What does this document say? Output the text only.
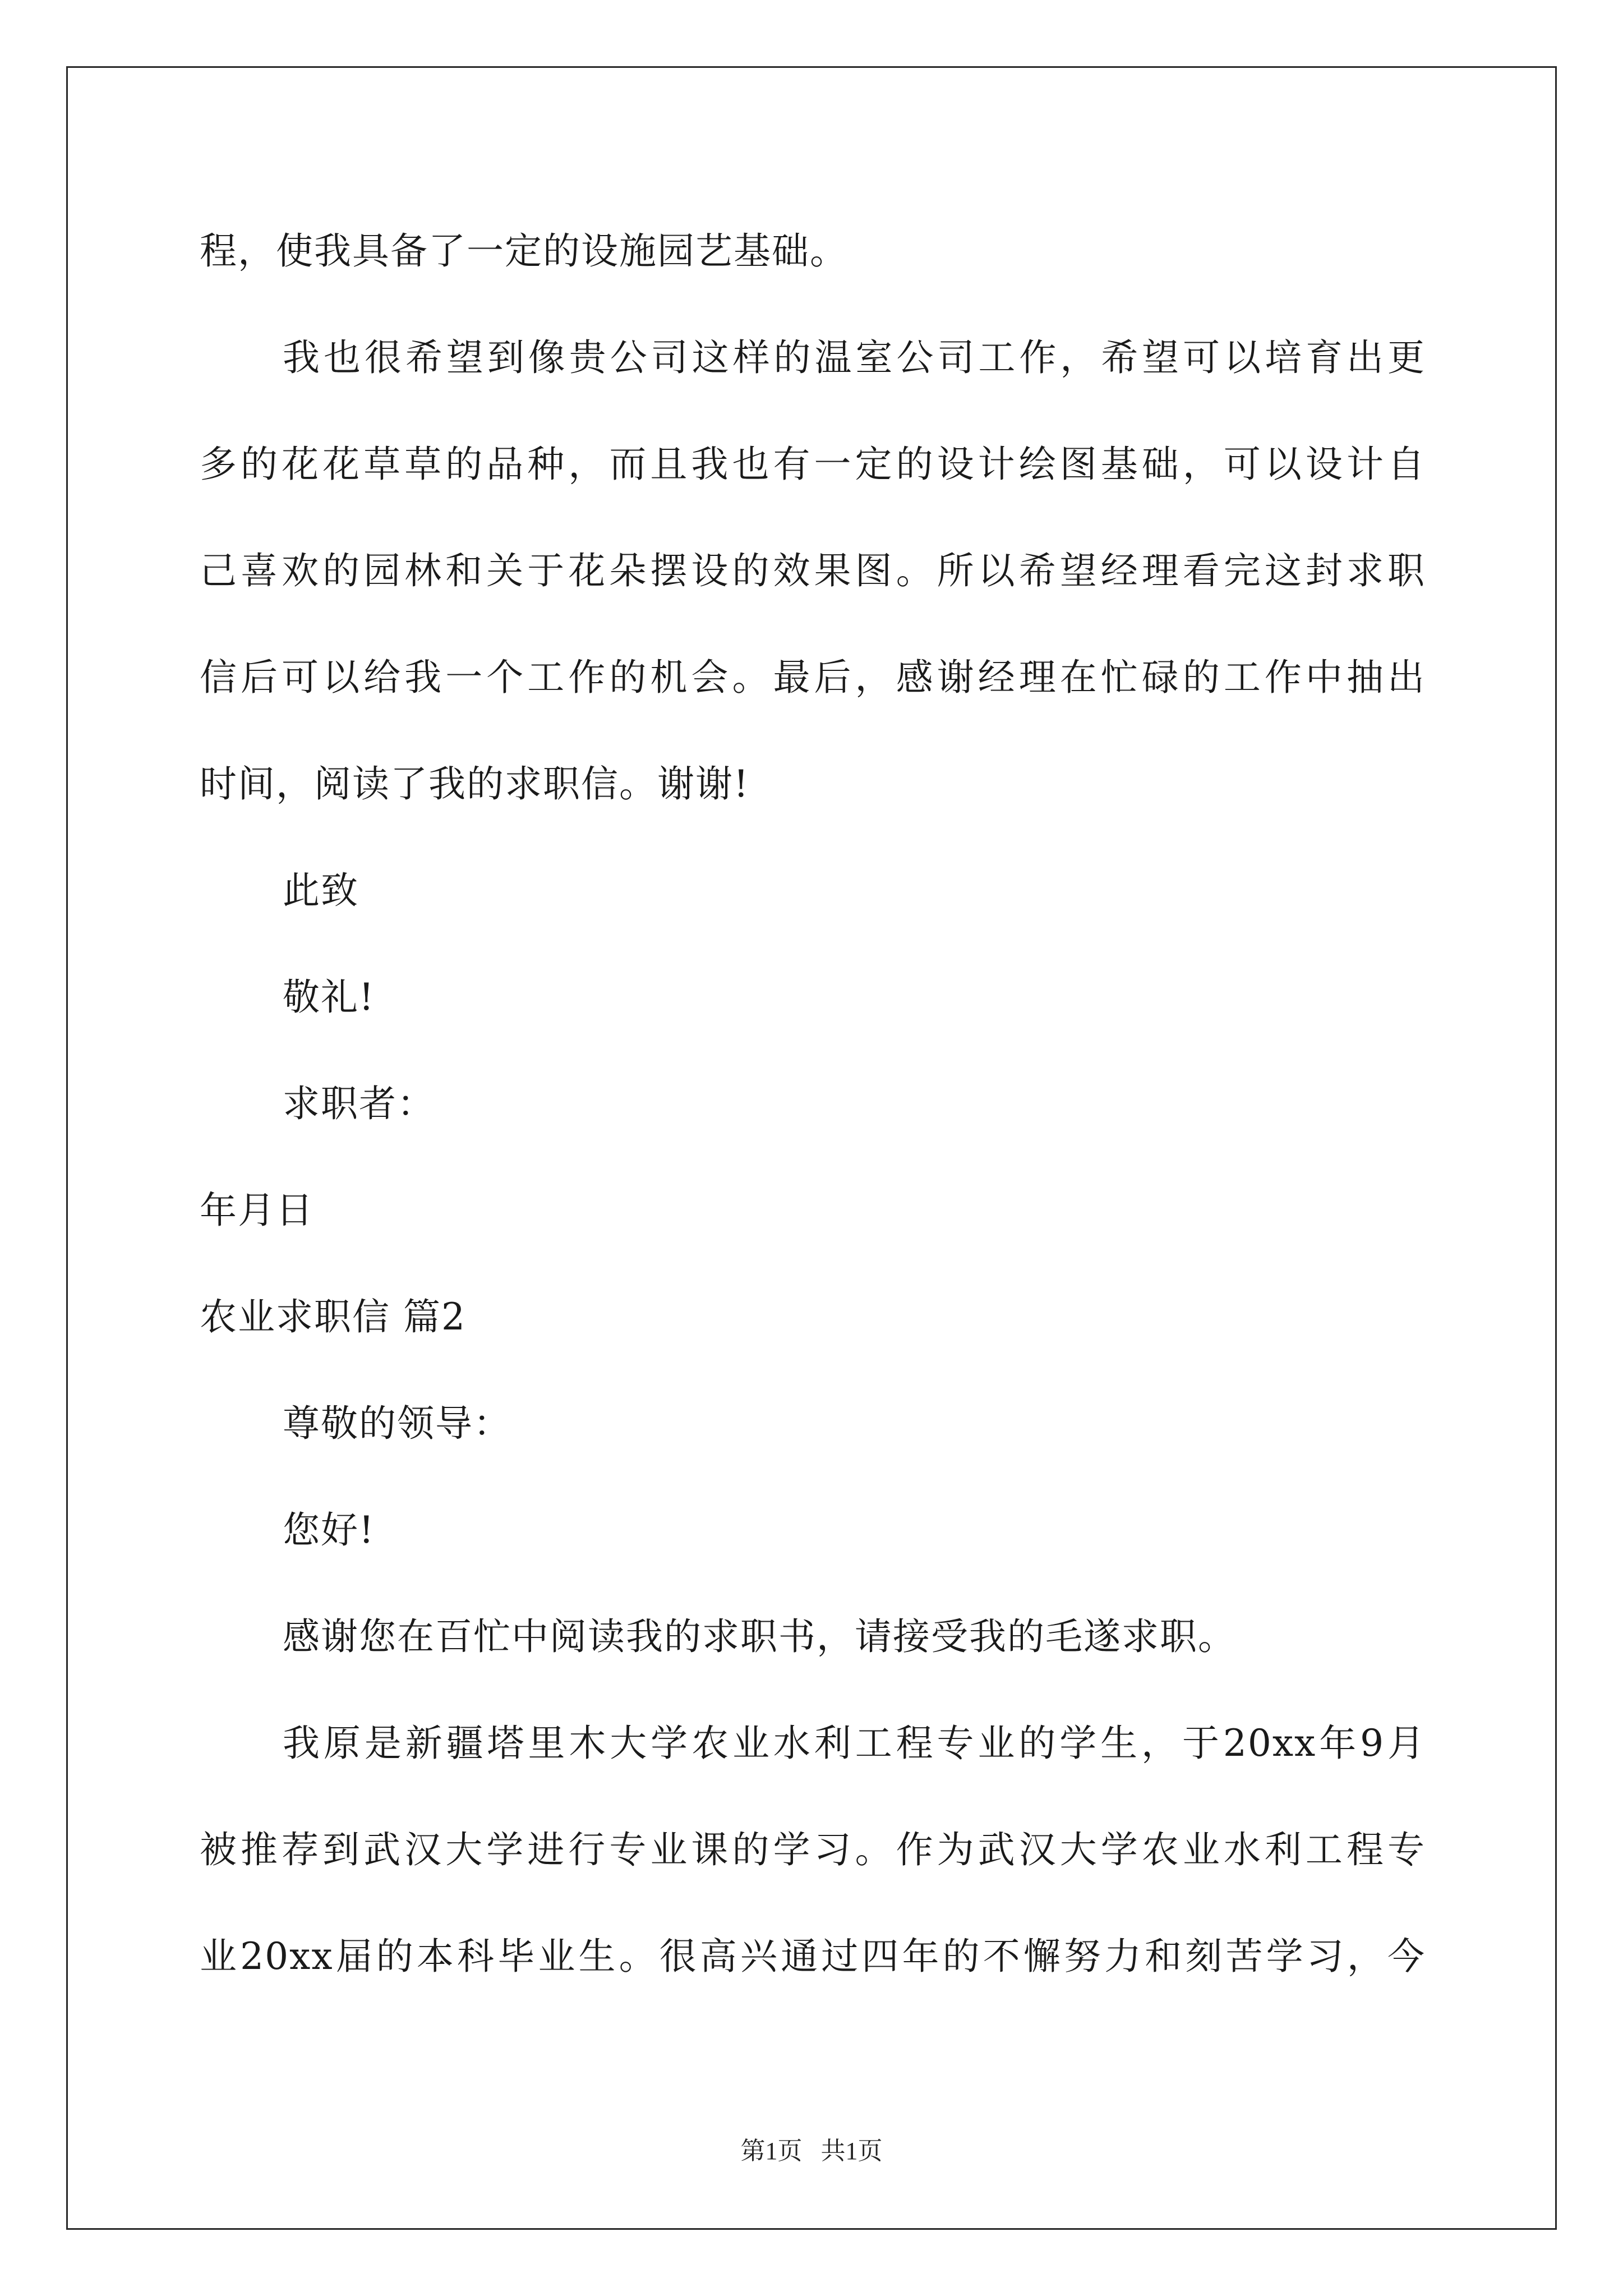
程，使我具备了一定的设施园艺基础。
我也很希望到像贵公司这样的温室公司工作，希望可以培育出更
多的花花草草的品种，而且我也有一定的设计绘图基础，可以设计自
己喜欢的园林和关于花朵摆设的效果图。所以希望经理看完这封求职
信后可以给我一个工作的机会。最后，感谢经理在忙碌的工作中抽出
时间，阅读了我的求职信。谢谢!
此致
敬礼!
求职者：
年月日
农业求职信 篇2
尊敬的领导：
您好!
感谢您在百忙中阅读我的求职书，请接受我的毛遂求职。
我原是新疆塔里木大学农业水利工程专业的学生，于20xx年9月
被推荐到武汉大学进行专业课的学习。作为武汉大学农业水利工程专
业20xx届的本科毕业生。很高兴通过四年的不懈努力和刻苦学习，今
第1页   共1页
